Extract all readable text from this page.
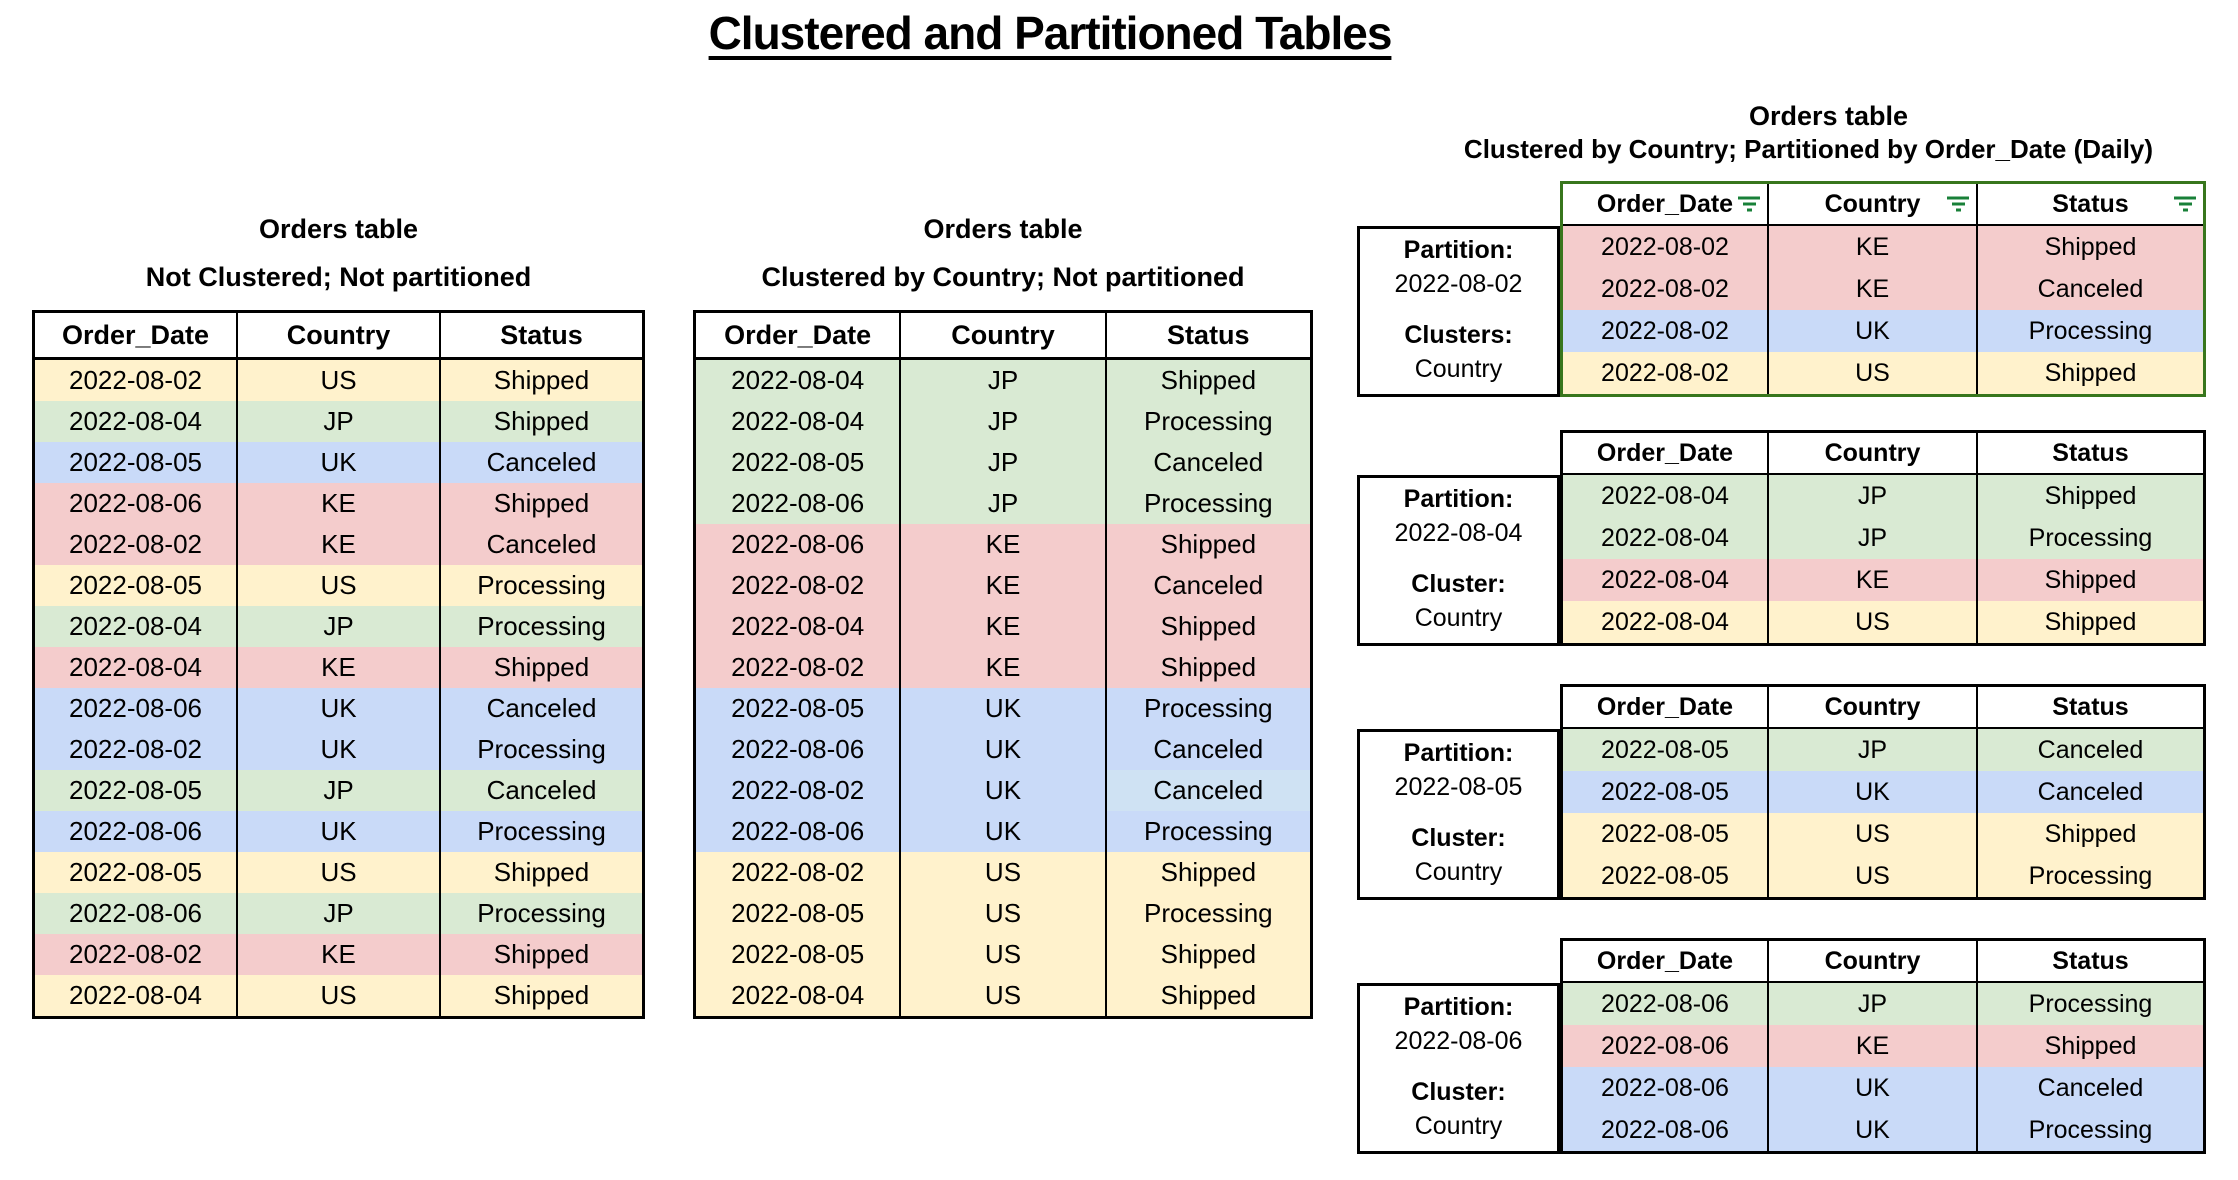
Clustered and Partitioned Tables
Orders table
Not Clustered; Not partitioned
Order_Date	Country	Status
2022-08-02	US	Shipped
2022-08-04	JP	Shipped
2022-08-05	UK	Canceled
2022-08-06	KE	Shipped
2022-08-02	KE	Canceled
2022-08-05	US	Processing
2022-08-04	JP	Processing
2022-08-04	KE	Shipped
2022-08-06	UK	Canceled
2022-08-02	UK	Processing
2022-08-05	JP	Canceled
2022-08-06	UK	Processing
2022-08-05	US	Shipped
2022-08-06	JP	Processing
2022-08-02	KE	Shipped
2022-08-04	US	Shipped
Orders table
Clustered by Country; Not partitioned
Order_Date	Country	Status
2022-08-04	JP	Shipped
2022-08-04	JP	Processing
2022-08-05	JP	Canceled
2022-08-06	JP	Processing
2022-08-06	KE	Shipped
2022-08-02	KE	Canceled
2022-08-04	KE	Shipped
2022-08-02	KE	Shipped
2022-08-05	UK	Processing
2022-08-06	UK	Canceled
2022-08-02	UK	Canceled
2022-08-06	UK	Processing
2022-08-02	US	Shipped
2022-08-05	US	Processing
2022-08-05	US	Shipped
2022-08-04	US	Shipped
Orders table
Clustered by Country; Partitioned by Order_Date (Daily)
Partition:
2022-08-02
Clusters:
Country
Order_Date	Country	Status
2022-08-02	KE	Shipped
2022-08-02	KE	Canceled
2022-08-02	UK	Processing
2022-08-02	US	Shipped
Partition:
2022-08-04
Cluster:
Country
Order_Date	Country	Status
2022-08-04	JP	Shipped
2022-08-04	JP	Processing
2022-08-04	KE	Shipped
2022-08-04	US	Shipped
Partition:
2022-08-05
Cluster:
Country
Order_Date	Country	Status
2022-08-05	JP	Canceled
2022-08-05	UK	Canceled
2022-08-05	US	Shipped
2022-08-05	US	Processing
Partition:
2022-08-06
Cluster:
Country
Order_Date	Country	Status
2022-08-06	JP	Processing
2022-08-06	KE	Shipped
2022-08-06	UK	Canceled
2022-08-06	UK	Processing
